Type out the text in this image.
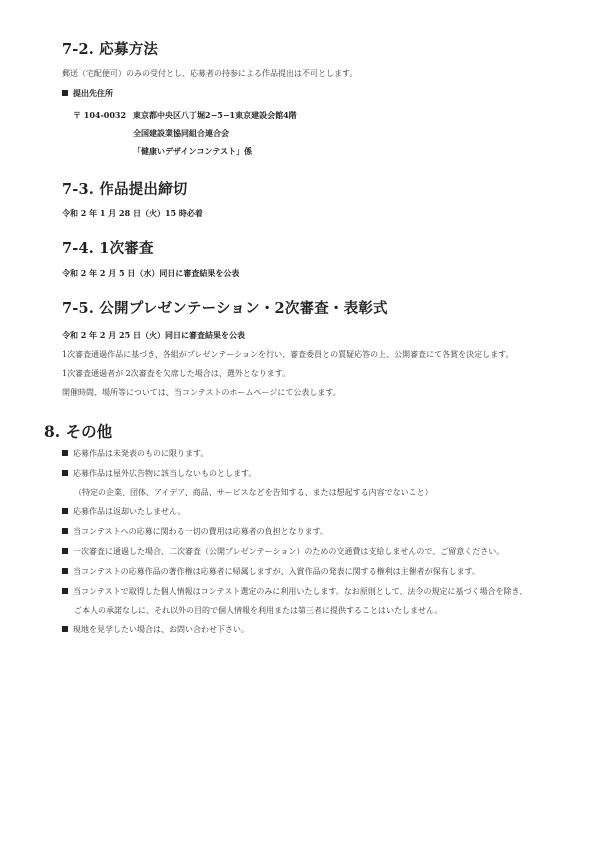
7-2. 応募方法
郵送（宅配便可）のみの受付とし、応募者の持参による作品提出は不可とします。
提出先住所
〒 104-0032 東京都中央区八丁堀2−5−1東京建設会館4階
全国建設業協同組合連合会
「健康いデザインコンテスト」係
7-3. 作品提出締切
令和 2 年 1 月 28 日（火）15 時必着
7-4. 1次審査
令和 2 年 2 月 5 日（水）同日に審査結果を公表
7-5. 公開プレゼンテーション・2次審査・表彰式
令和 2 年 2 月 25 日（火）同日に審査結果を公表
1次審査通過作品に基づき、各組がプレゼンテーションを行い、審査委員との質疑応答の上、公開審査にて各賞を決定します。
1次審査通過者が 2次審査を欠席した場合は、選外となります。
開催時間、場所等については、当コンテストのホームページにて公表します。
8. その他
応募作品は未発表のものに限ります。
応募作品は屋外広告物に該当しないものとします。
（特定の企業、団体、アイデア、商品、サービスなどを告知する、または想起する内容でないこと）
応募作品は返却いたしません。
当コンテストへの応募に関わる一切の費用は応募者の負担となります。
一次審査に通過した場合、二次審査（公開プレゼンテーション）のための交通費は支給しませんので、ご留意ください。
当コンテストの応募作品の著作権は応募者に帰属しますが、入賞作品の発表に関する権利は主催者が保有します。
当コンテストで取得した個人情報はコンテスト選定のみに利用いたします。なお原則として、法令の規定に基づく場合を除き、
ご本人の承諾なしに、それ以外の目的で個人情報を利用または第三者に提供することはいたしません。
現地を見学したい場合は、お問い合わせ下さい。
